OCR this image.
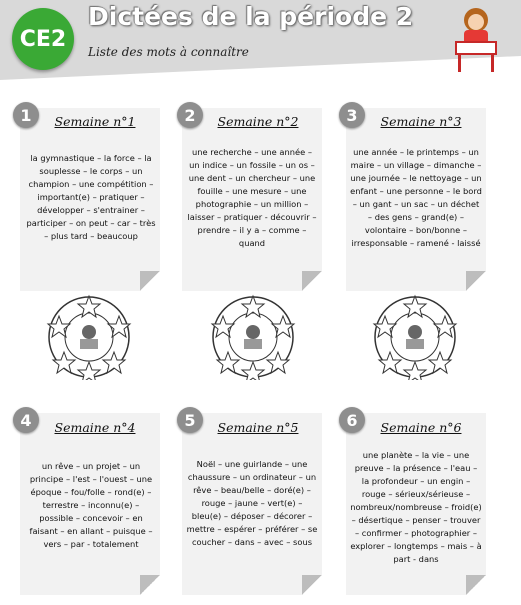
CE2
Dictées de la période 2
Liste des mots à connaître
1	Semaine n°1
la gymnastique – la force – la souplesse – le corps – un champion – une compétition – important(e) – pratiquer – développer – s'entrainer – participer – on peut – car – très – plus tard – beaucoup
2	Semaine n°2
une recherche – une année – un indice – un fossile – un os – une dent – un chercheur – une fouille – une mesure – une photographie – un million – laisser – pratiquer - découvrir – prendre – il y a – comme – quand
3	Semaine n°3
une année – le printemps – un maire – un village – dimanche – une journée – le nettoyage – un enfant – une personne – le bord – un gant – un sac – un déchet – des gens – grand(e) – volontaire – bon/bonne – irresponsable – ramené - laissé
4	Semaine n°4
un rêve – un projet – un principe – l'est – l'ouest – une époque – fou/folle – rond(e) – terrestre – inconnu(e) – possible – concevoir – en faisant – en allant – puisque – vers – par - totalement
5	Semaine n°5
Noël – une guirlande – une chaussure – un ordinateur – un rêve – beau/belle – doré(e) – rouge – jaune – vert(e) – bleu(e) – déposer – décorer – mettre – espérer – préférer – se coucher – dans – avec – sous
6	Semaine n°6
une planète – la vie – une preuve – la présence – l'eau – la profondeur – un engin – rouge – sérieux/sérieuse – nombreux/nombreuse – froid(e) – désertique – penser – trouver – confirmer – photographier – explorer – longtemps – mais – à part - dans
